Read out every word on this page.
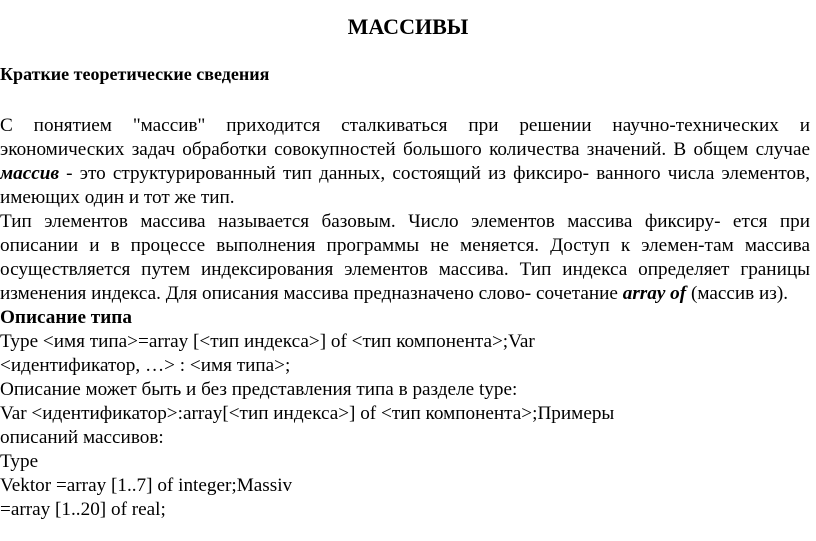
МАССИВЫ
Краткие теоретические сведения

С понятием "массив" приходится сталкиваться при решении научно-технических и экономических задач обработки совокупностей большого количества значений. В общем случае массив - это структурированный тип данных, состоящий из фиксиро- ванного числа элементов, имеющих один и тот же тип.

Тип элементов массива называется базовым. Число элементов массива фиксиру- ется при описании и в процессе выполнения программы не меняется. Доступ к элемен-там массива осуществляется путем индексирования элементов массива. Тип индекса определяет границы изменения индекса. Для описания массива предназначено слово- сочетание array of (массив из).

Описание типа

Type <имя типа>=array [<тип индекса>] of <тип компонента>;Var
<идентификатор, …> : <имя типа>;
Описание может быть и без представления типа в разделе type:
Var <идентификатор>:array[<тип индекса>] of <тип компонента>;Примеры
описаний массивов:
Type
Vektor =array [1..7] of integer;Massiv
=array [1..20] of real;
